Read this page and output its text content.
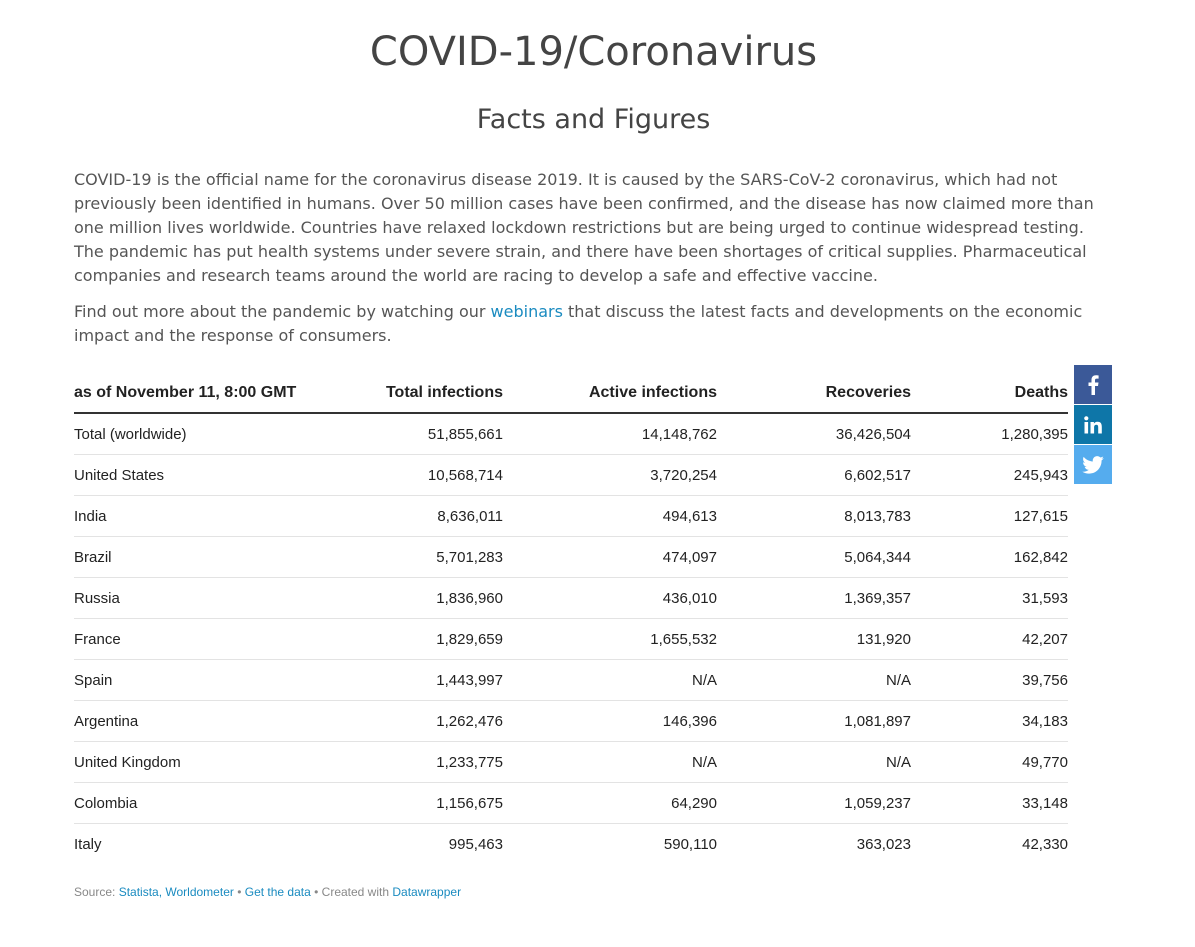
COVID-19/Coronavirus
Facts and Figures

COVID-19 is the official name for the coronavirus disease 2019. It is caused by the SARS-CoV-2 coronavirus, which had not previously been identified in humans. Over 50 million cases have been confirmed, and the disease has now claimed more than one million lives worldwide. Countries have relaxed lockdown restrictions but are being urged to continue widespread testing. The pandemic has put health systems under severe strain, and there have been shortages of critical supplies. Pharmaceutical companies and research teams around the world are racing to develop a safe and effective vaccine.

Find out more about the pandemic by watching our webinars that discuss the latest facts and developments on the economic impact and the response of consumers.

as of November 11, 8:00 GMT	Total infections	Active infections	Recoveries	Deaths
Total (worldwide)	51,855,661	14,148,762	36,426,504	1,280,395
United States	10,568,714	3,720,254	6,602,517	245,943
India	8,636,011	494,613	8,013,783	127,615
Brazil	5,701,283	474,097	5,064,344	162,842
Russia	1,836,960	436,010	1,369,357	31,593
France	1,829,659	1,655,532	131,920	42,207
Spain	1,443,997	N/A	N/A	39,756
Argentina	1,262,476	146,396	1,081,897	34,183
United Kingdom	1,233,775	N/A	N/A	49,770
Colombia	1,156,675	64,290	1,059,237	33,148
Italy	995,463	590,110	363,023	42,330

Source: Statista, Worldometer • Get the data • Created with Datawrapper
